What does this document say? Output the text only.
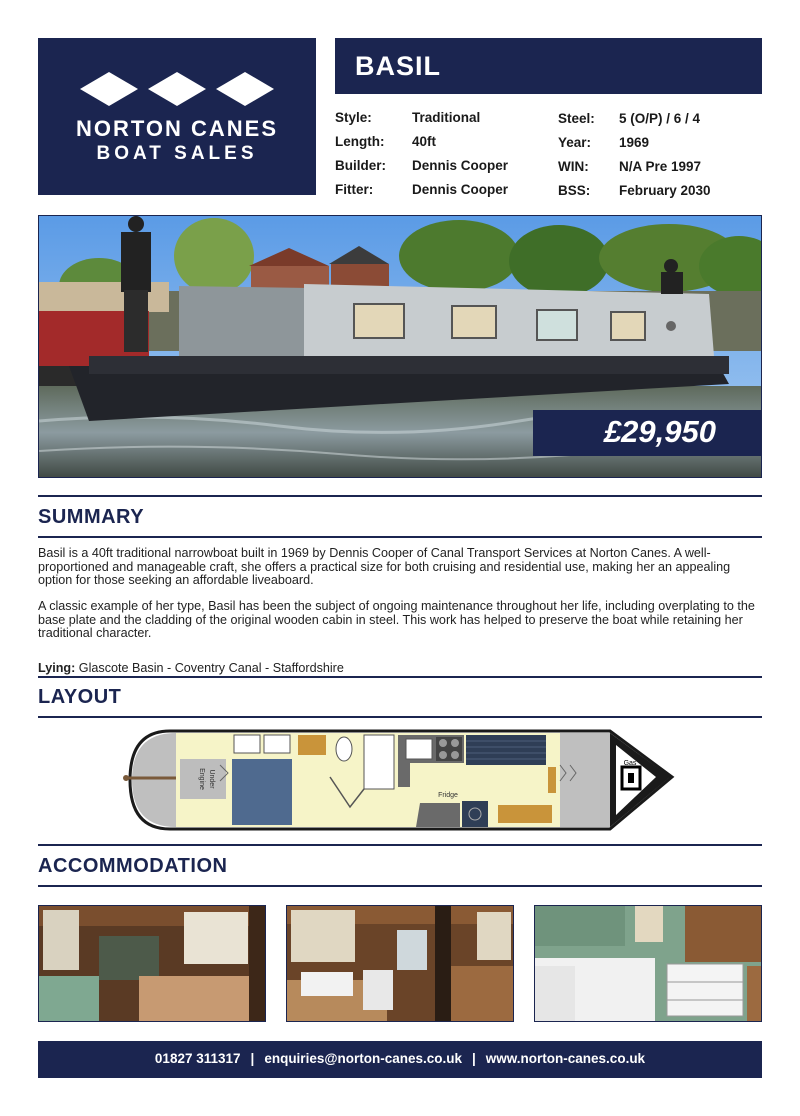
NORTON CANES
BOAT SALES
BASIL
Style:	Traditional
Length: 40ft
Builder: Dennis Cooper
Fitter:	Dennis Cooper
Steel: 5 (O/P) / 6 / 4
Year: 1969
WIN: N/A Pre 1997
BSS: February 2030
£29,950
SUMMARY
Basil is a 40ft traditional narrowboat built in 1969 by Dennis Cooper of Canal Transport Services at Norton Canes. A well-proportioned and manageable craft, she offers a practical size for both cruising and residential use, making her an appealing option for those seeking an affordable liveaboard.
A classic example of her type, Basil has been the subject of ongoing maintenance throughout her life, including overplating to the base plate and the cladding of the original wooden cabin in steel. This work has helped to preserve the boat while retaining her traditional character.
Lying: Glascote Basin - Coventry Canal - Staffordshire
LAYOUT
Engine Under
Fridge
Gas
ACCOMMODATION
01827 311317 | enquiries@norton-canes.co.uk | www.norton-canes.co.uk
